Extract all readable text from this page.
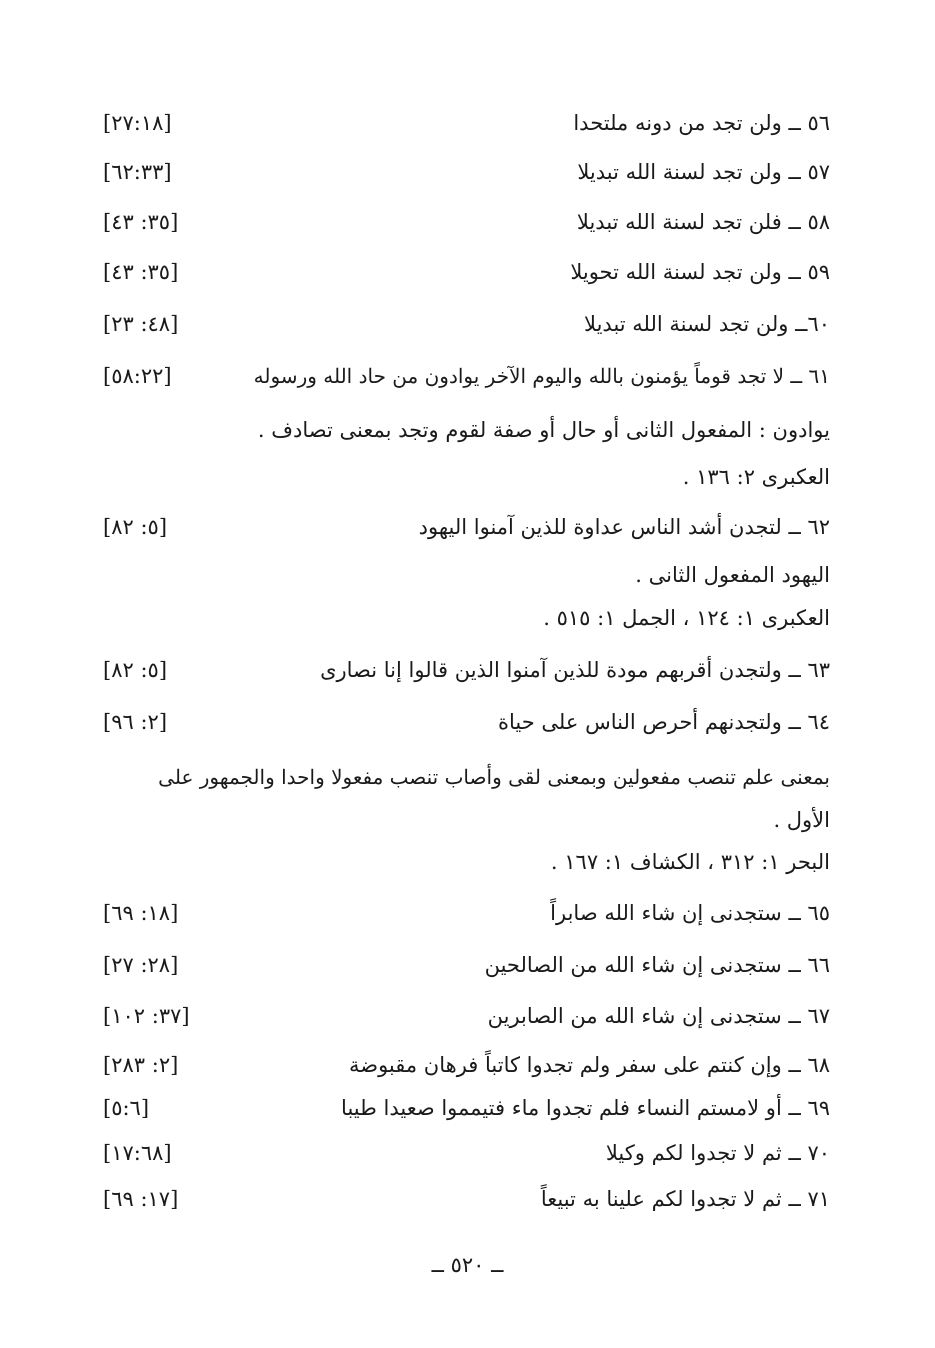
٥٦ ــ ولن تجد من دونه ملتحدا
[٢٧:١٨]
٥٧ ــ ولن تجد لسنة الله تبديلا
[٦٢:٣٣]
٥٨ ــ فلن تجد لسنة الله تبديلا
[٣٥: ٤٣]
٥٩ ــ ولن تجد لسنة الله تحويلا
[٣٥: ٤٣]
٦٠ــ ولن تجد لسنة الله تبديلا
[٤٨: ٢٣]
٦١ ــ لا تجد قوماً يؤمنون بالله واليوم الآخر يوادون من حاد الله ورسوله
[٥٨:٢٢]
يوادون : المفعول الثانى أو حال أو صفة لقوم وتجد بمعنى تصادف .
العكبرى ٢: ١٣٦ .
٦٢ ــ لتجدن أشد الناس عداوة للذين آمنوا اليهود
[٥: ٨٢]
اليهود المفعول الثانى .
العكبرى ١: ١٢٤ ، الجمل ١: ٥١٥ .
٦٣ ــ ولتجدن أقربهم مودة للذين آمنوا الذين قالوا إنا نصارى
[٥: ٨٢]
٦٤ ــ ولتجدنهم أحرص الناس على حياة
[٢: ٩٦]
بمعنى علم تنصب مفعولين وبمعنى لقى وأصاب تنصب مفعولا واحدا والجمهور على
الأول .
البحر ١: ٣١٢ ، الكشاف ١: ١٦٧ .
٦٥ ــ ستجدنى إن شاء الله صابراً
[١٨: ٦٩]
٦٦ ــ ستجدنى إن شاء الله من الصالحين
[٢٨: ٢٧]
٦٧ ــ ستجدنى إن شاء الله من الصابرين
[٣٧: ١٠٢]
٦٨ ــ وإن كنتم على سفر ولم تجدوا كاتباً فرهان مقبوضة
[٢: ٢٨٣]
٦٩ ــ أو لامستم النساء فلم تجدوا ماء فتيمموا صعيدا طيبا
[٥:٦]
٧٠ ــ ثم لا تجدوا لكم وكيلا
[١٧:٦٨]
٧١ ــ ثم لا تجدوا لكم علينا به تبيعاً
[١٧: ٦٩]
ــ ٥٢٠ ــ
